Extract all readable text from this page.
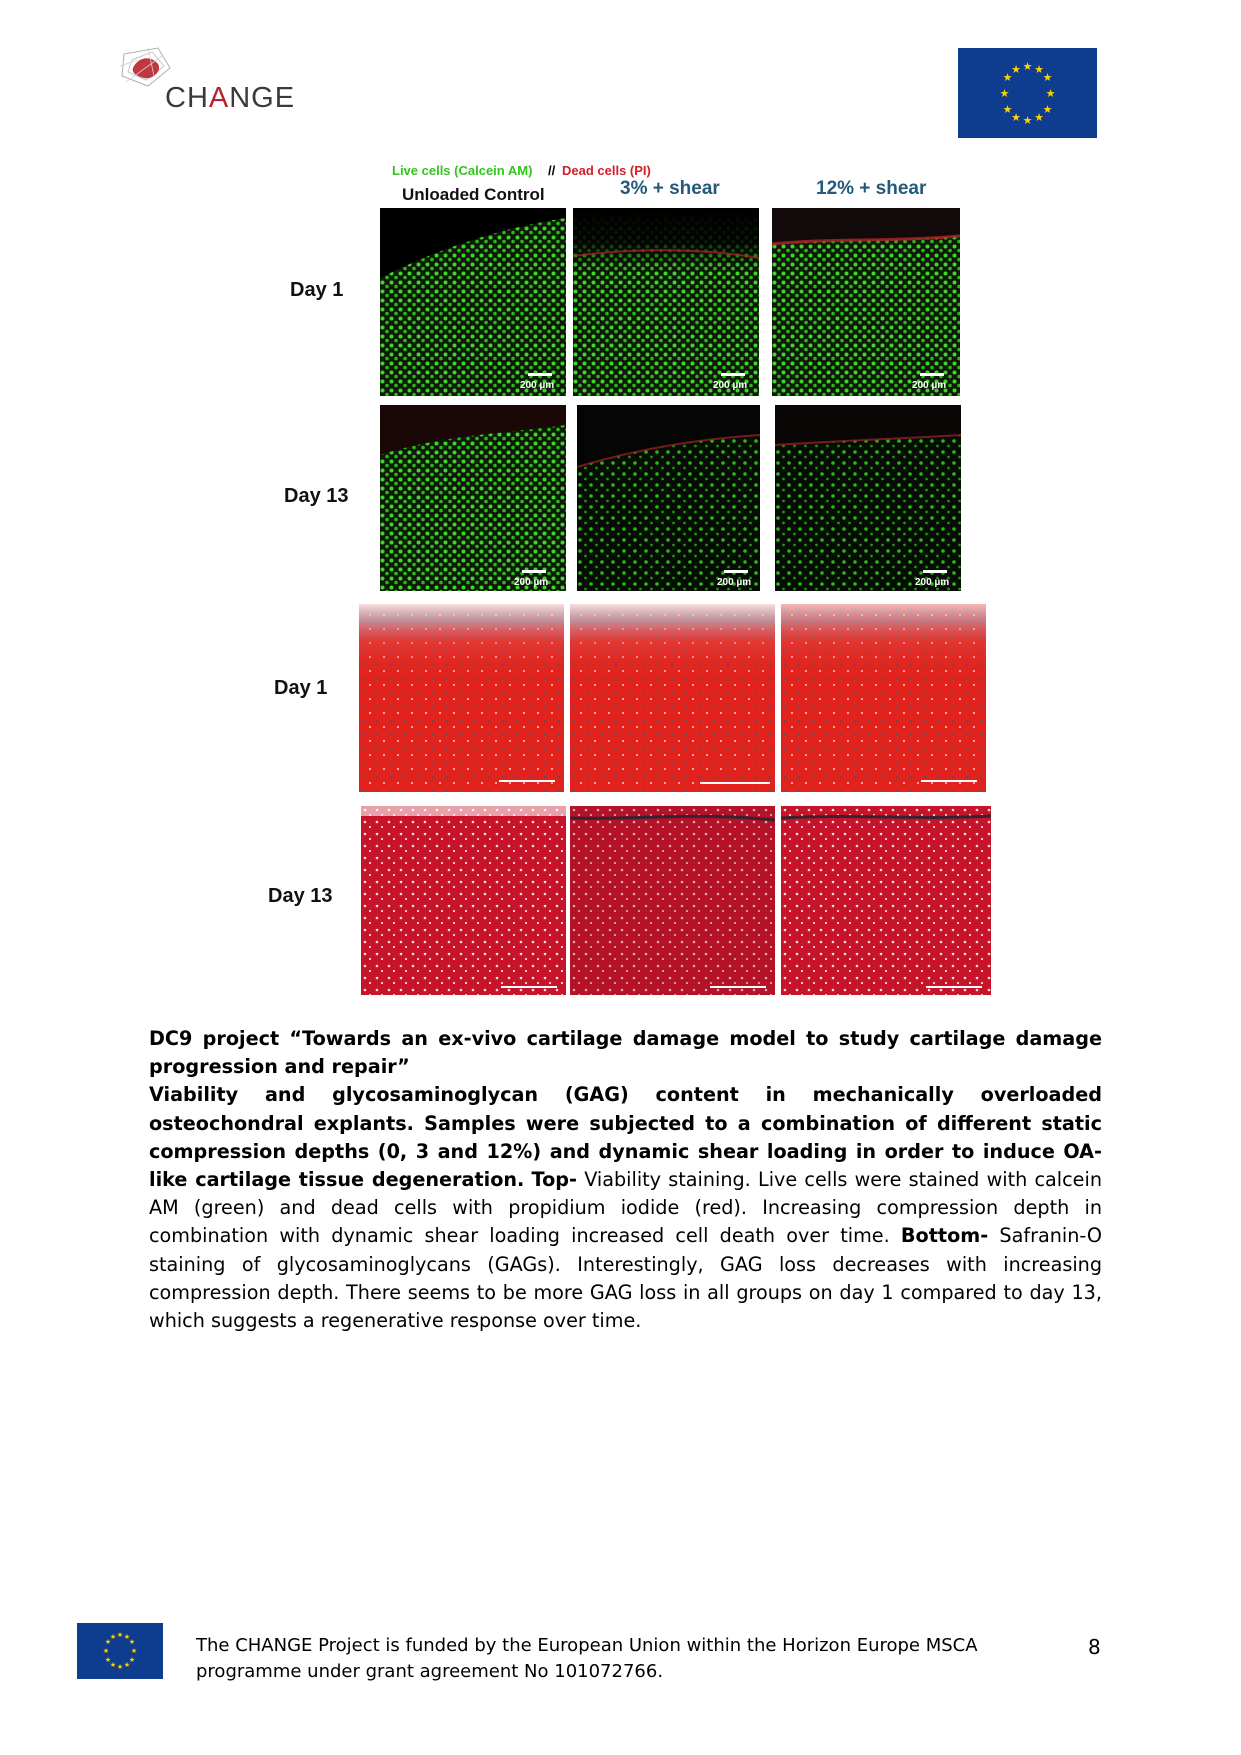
CHANGE
★ ★
★
★
★
★
★
★
★
★
★
★
Live cells (Calcein AM) // Dead cells (PI)
Unloaded Control	3% + shear	12% + shear
Day 1
Day 13
Day 1
Day 13
200 µm	200 µm	200 µm
200 µm	200 µm	200 µm
DC9 project “Towards an ex-vivo cartilage damage model to study cartilage damage progression and repair”
Viability and glycosaminoglycan (GAG) content in mechanically overloaded osteochondral explants. Samples were subjected to a combination of different static compression depths (0, 3 and 12%) and dynamic shear loading in order to induce OA-like cartilage tissue degeneration. Top- Viability staining. Live cells were stained with calcein AM (green) and dead cells with propidium iodide (red). Increasing compression depth in combination with dynamic shear loading increased cell death over time. Bottom- Safranin-O staining of glycosaminoglycans (GAGs). Interestingly, GAG loss decreases with increasing compression depth. There seems to be more GAG loss in all groups on day 1 compared to day 13, which suggests a regenerative response over time.
★ ★
★
★
★
★
★
★
★
★
★
★	The CHANGE Project is funded by the European Union within the Horizon Europe MSCA programme under grant agreement No 101072766.
8
